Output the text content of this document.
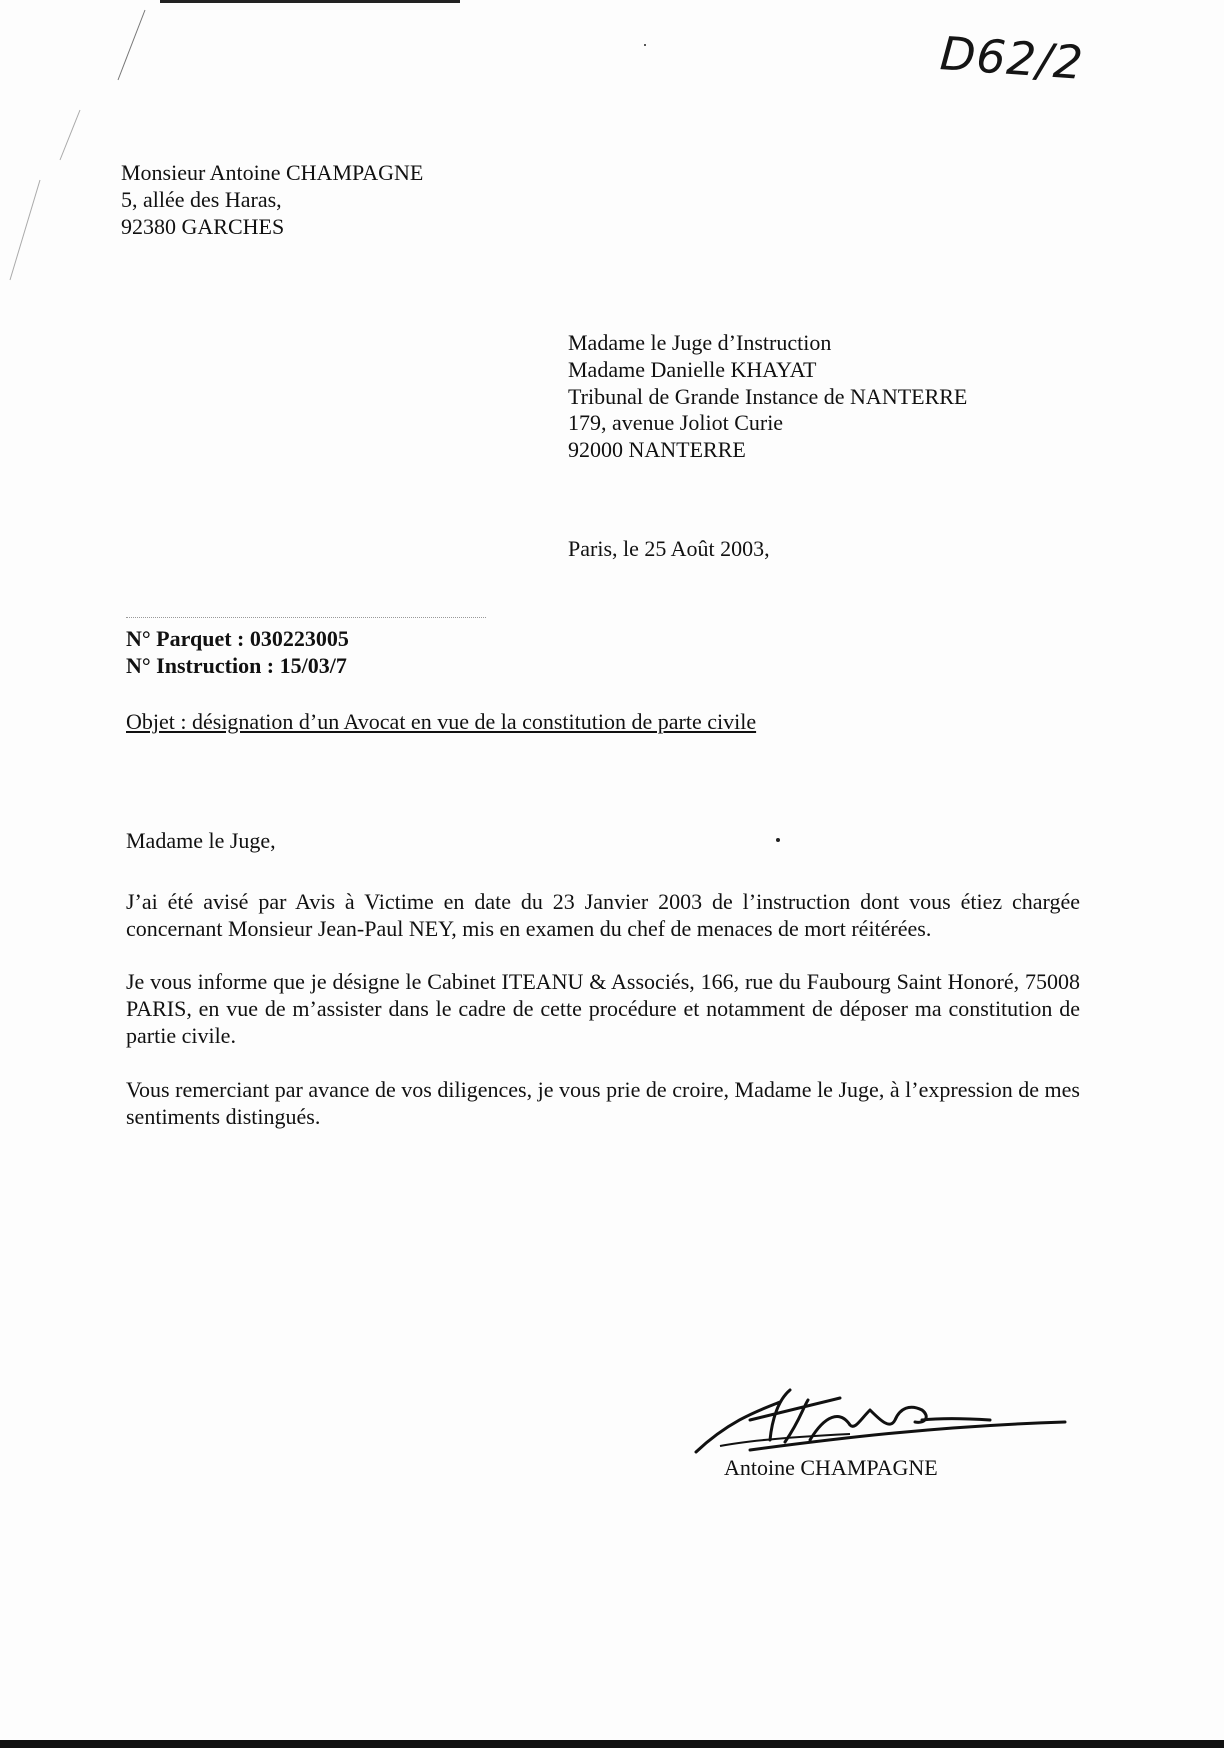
D62/2
Monsieur Antoine CHAMPAGNE
5, allée des Haras,
92380 GARCHES
Madame le Juge d’Instruction
Madame Danielle KHAYAT
Tribunal de Grande Instance de NANTERRE
179, avenue Joliot Curie
92000 NANTERRE
Paris, le 25 Août 2003,
N° Parquet : 030223005
N° Instruction : 15/03/7
Objet : désignation d’un Avocat en vue de la constitution de parte civile

Madame le Juge,

J’ai été avisé par Avis à Victime en date du 23 Janvier 2003 de l’instruction dont vous étiez chargée concernant Monsieur Jean-Paul NEY, mis en examen du chef de menaces de mort réitérées.

Je vous informe que je désigne le Cabinet ITEANU & Associés, 166, rue du Faubourg Saint Honoré, 75008 PARIS, en vue de m’assister dans le cadre de cette procédure et notamment de déposer ma constitution de partie civile.

Vous remerciant par avance de vos diligences, je vous prie de croire, Madame le Juge, à l’expression de mes sentiments distingués.

Antoine CHAMPAGNE
